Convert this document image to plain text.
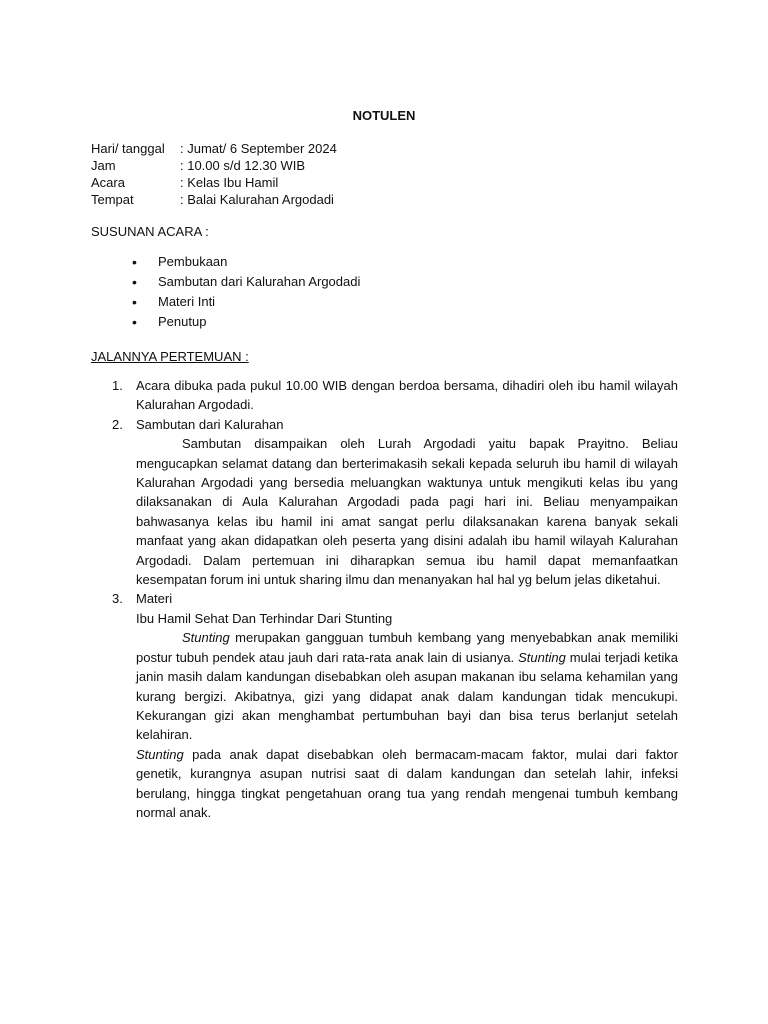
NOTULEN
Hari/ tanggal	: Jumat/ 6 September 2024
Jam	: 10.00 s/d 12.30 WIB
Acara	: Kelas Ibu Hamil
Tempat	: Balai Kalurahan Argodadi
SUSUNAN ACARA :
•	Pembukaan
•	Sambutan dari Kalurahan Argodadi
•	Materi Inti
•	Penutup
JALANNYA PERTEMUAN :
1.	Acara dibuka pada pukul 10.00 WIB dengan berdoa bersama, dihadiri oleh ibu hamil wilayah Kalurahan Argodadi.
2.	Sambutan dari Kalurahan
Sambutan disampaikan oleh Lurah Argodadi yaitu bapak Prayitno. Beliau mengucapkan selamat datang dan berterimakasih sekali kepada seluruh ibu hamil di wilayah Kalurahan Argodadi yang bersedia meluangkan waktunya untuk mengikuti kelas ibu yang dilaksanakan di Aula Kalurahan Argodadi pada pagi hari ini. Beliau menyampaikan bahwasanya kelas ibu hamil ini amat sangat perlu dilaksanakan karena banyak sekali manfaat yang akan didapatkan oleh peserta yang disini adalah ibu hamil wilayah Kalurahan Argodadi. Dalam pertemuan ini diharapkan semua ibu hamil dapat memanfaatkan kesempatan forum ini untuk sharing ilmu dan menanyakan hal hal yg belum jelas diketahui.
3.	Materi
Ibu Hamil Sehat Dan Terhindar Dari Stunting
Stunting merupakan gangguan tumbuh kembang yang menyebabkan anak memiliki postur tubuh pendek atau jauh dari rata-rata anak lain di usianya. Stunting mulai terjadi ketika janin masih dalam kandungan disebabkan oleh asupan makanan ibu selama kehamilan yang kurang bergizi. Akibatnya, gizi yang didapat anak dalam kandungan tidak mencukupi. Kekurangan gizi akan menghambat pertumbuhan bayi dan bisa terus berlanjut setelah kelahiran.
Stunting pada anak dapat disebabkan oleh bermacam-macam faktor, mulai dari faktor genetik, kurangnya asupan nutrisi saat di dalam kandungan dan setelah lahir, infeksi berulang, hingga tingkat pengetahuan orang tua yang rendah mengenai tumbuh kembang normal anak.
